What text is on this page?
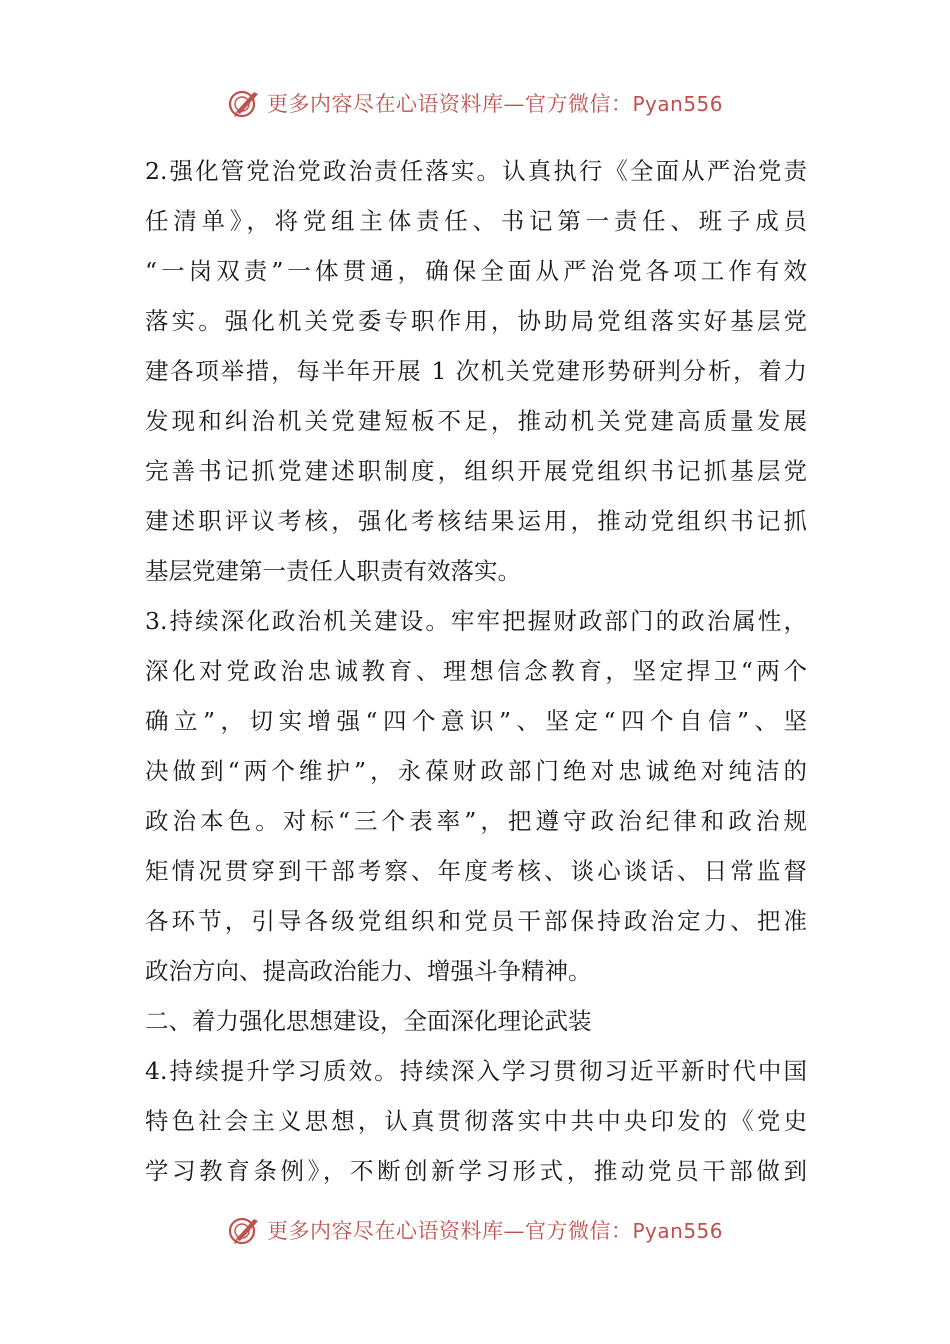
更多内容尽在心语资料库—官方微信：Pyan556
2.强化管党治党政治责任落实。认真执行《全面从严治党责
任清单》，将党组主体责任、书记第一责任、班子成员
“一岗双责”一体贯通，确保全面从严治党各项工作有效
落实。强化机关党委专职作用，协助局党组落实好基层党
建各项举措，每半年开展 1 次机关党建形势研判分析，着力
发现和纠治机关党建短板不足，推动机关党建高质量发展
完善书记抓党建述职制度，组织开展党组织书记抓基层党
建述职评议考核，强化考核结果运用，推动党组织书记抓
基层党建第一责任人职责有效落实。
3.持续深化政治机关建设。牢牢把握财政部门的政治属性，
深化对党政治忠诚教育、理想信念教育，坚定捍卫“两个
确立”，切实增强“四个意识”、坚定“四个自信”、坚
决做到“两个维护”，永葆财政部门绝对忠诚绝对纯洁的
政治本色。对标“三个表率”，把遵守政治纪律和政治规
矩情况贯穿到干部考察、年度考核、谈心谈话、日常监督
各环节，引导各级党组织和党员干部保持政治定力、把准
政治方向、提高政治能力、增强斗争精神。
二、着力强化思想建设，全面深化理论武装
4.持续提升学习质效。持续深入学习贯彻习近平新时代中国
特色社会主义思想，认真贯彻落实中共中央印发的《党史
学习教育条例》，不断创新学习形式，推动党员干部做到
更多内容尽在心语资料库—官方微信：Pyan556
